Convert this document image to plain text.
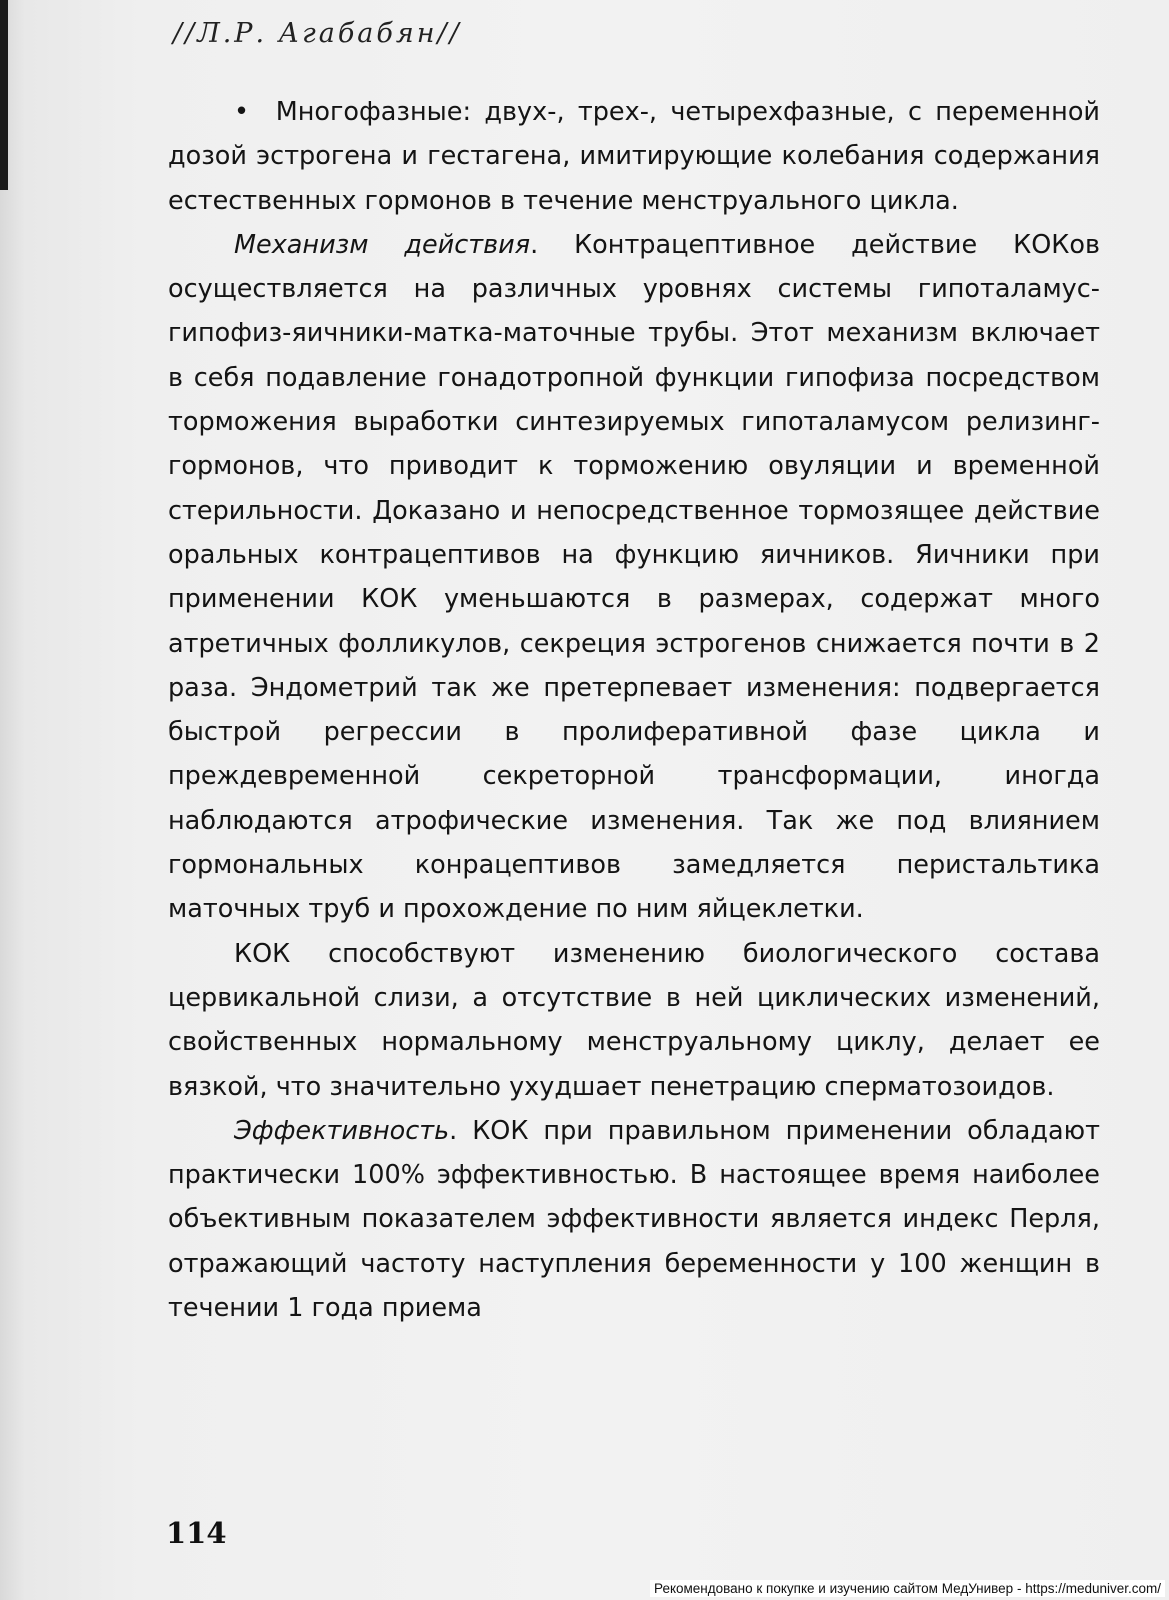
//Л.Р. Агабабян//

• Многофазные: двух-, трех-, четырехфазные, с переменной дозой эстрогена и гестагена, имитирующие колебания содержания естественных гормонов в течение менструального цикла.

Механизм действия. Контрацептивное действие КОКов осуществляется на различных уровнях системы гипоталамус-гипофиз-яичники-матка-маточные трубы. Этот механизм включает в себя подавление гонадотропной функции гипофиза посредством торможения выработки синтезируемых гипоталамусом релизинг-гормонов, что приводит к торможению овуляции и временной стерильности. Доказано и непосредственное тормозящее действие оральных контрацептивов на функцию яичников. Яичники при применении КОК уменьшаются в размерах, содержат много атретичных фолликулов, секреция эстрогенов снижается почти в 2 раза. Эндометрий так же претерпевает изменения: подвергается быстрой регрессии в пролиферативной фазе цикла и преждевременной секреторной трансформации, иногда наблюдаются атрофические изменения. Так же под влиянием гормональных конрацептивов замедляется перистальтика маточных труб и прохождение по ним яйцеклетки.

КОК способствуют изменению биологического состава цервикальной слизи, а отсутствие в ней циклических изменений, свойственных нормальному менструальному циклу, делает ее вязкой, что значительно ухудшает пенетрацию сперматозоидов.

Эффективность. КОК при правильном применении обладают практически 100% эффективностью. В настоящее время наиболее объективным показателем эффективности является индекс Перля, отражающий частоту наступления беременности у 100 женщин в течении 1 года приема

114
Рекомендовано к покупке и изучению сайтом МедУнивер - https://meduniver.com/
